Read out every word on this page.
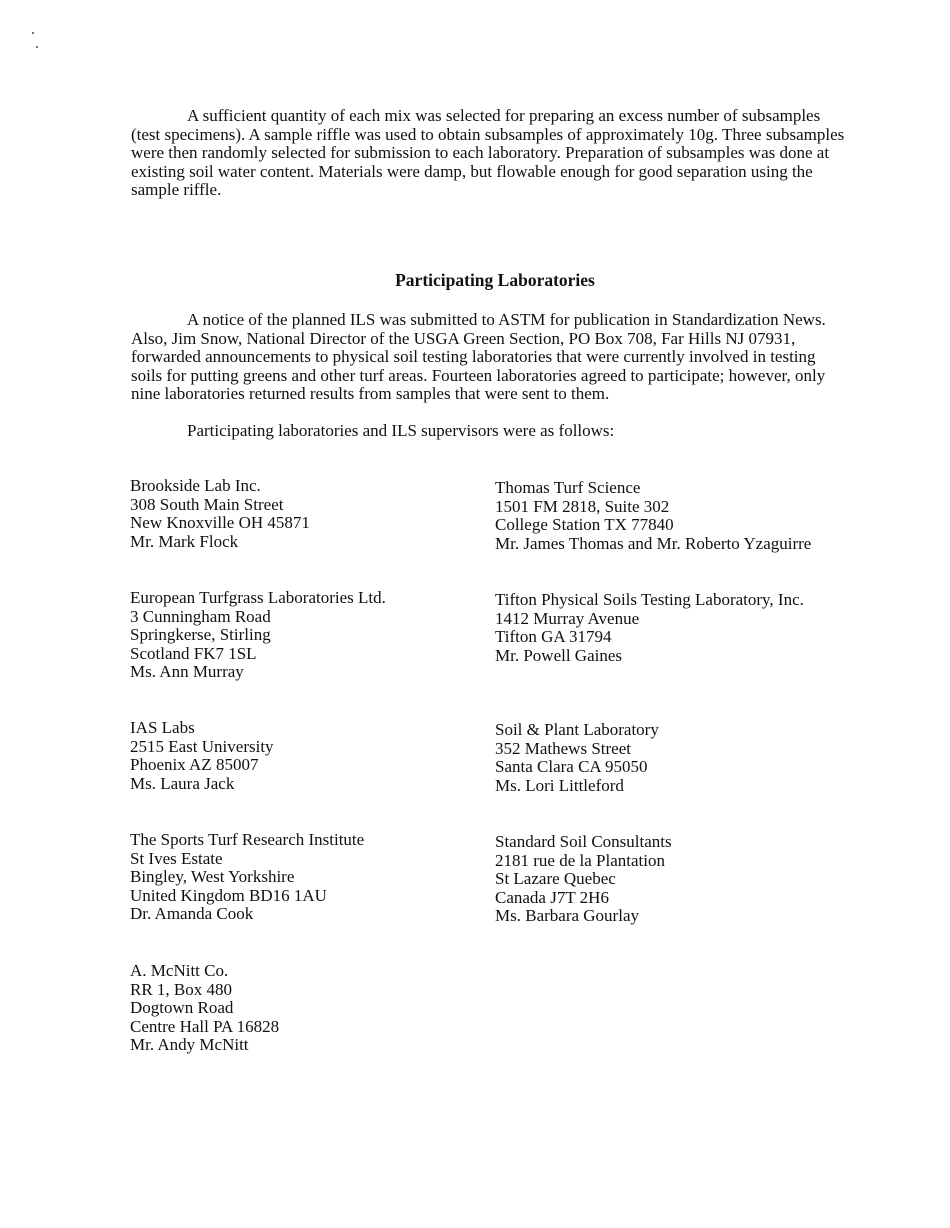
A sufficient quantity of each mix was selected for preparing an excess number of subsamples (test specimens). A sample riffle was used to obtain subsamples of approximately 10g. Three subsamples were then randomly selected for submission to each laboratory. Preparation of subsamples was done at existing soil water content. Materials were damp, but flowable enough for good separation using the sample riffle.

Participating Laboratories

A notice of the planned ILS was submitted to ASTM for publication in Standardization News. Also, Jim Snow, National Director of the USGA Green Section, PO Box 708, Far Hills NJ 07931, forwarded announcements to physical soil testing laboratories that were currently involved in testing soils for putting greens and other turf areas. Fourteen laboratories agreed to participate; however, only nine laboratories returned results from samples that were sent to them.

Participating laboratories and ILS supervisors were as follows:

Brookside Lab Inc.
308 South Main Street
New Knoxville OH 45871
Mr. Mark Flock
European Turfgrass Laboratories Ltd.
3 Cunningham Road
Springkerse, Stirling
Scotland FK7 1SL
Ms. Ann Murray
IAS Labs
2515 East University
Phoenix AZ 85007
Ms. Laura Jack
The Sports Turf Research Institute
St Ives Estate
Bingley, West Yorkshire
United Kingdom BD16 1AU
Dr. Amanda Cook
A. McNitt Co.
RR 1, Box 480
Dogtown Road
Centre Hall PA 16828
Mr. Andy McNitt
Thomas Turf Science
1501 FM 2818, Suite 302
College Station TX 77840
Mr. James Thomas and Mr. Roberto Yzaguirre
Tifton Physical Soils Testing Laboratory, Inc.
1412 Murray Avenue
Tifton GA 31794
Mr. Powell Gaines
Soil & Plant Laboratory
352 Mathews Street
Santa Clara CA 95050
Ms. Lori Littleford
Standard Soil Consultants
2181 rue de la Plantation
St Lazare Quebec
Canada J7T 2H6
Ms. Barbara Gourlay
